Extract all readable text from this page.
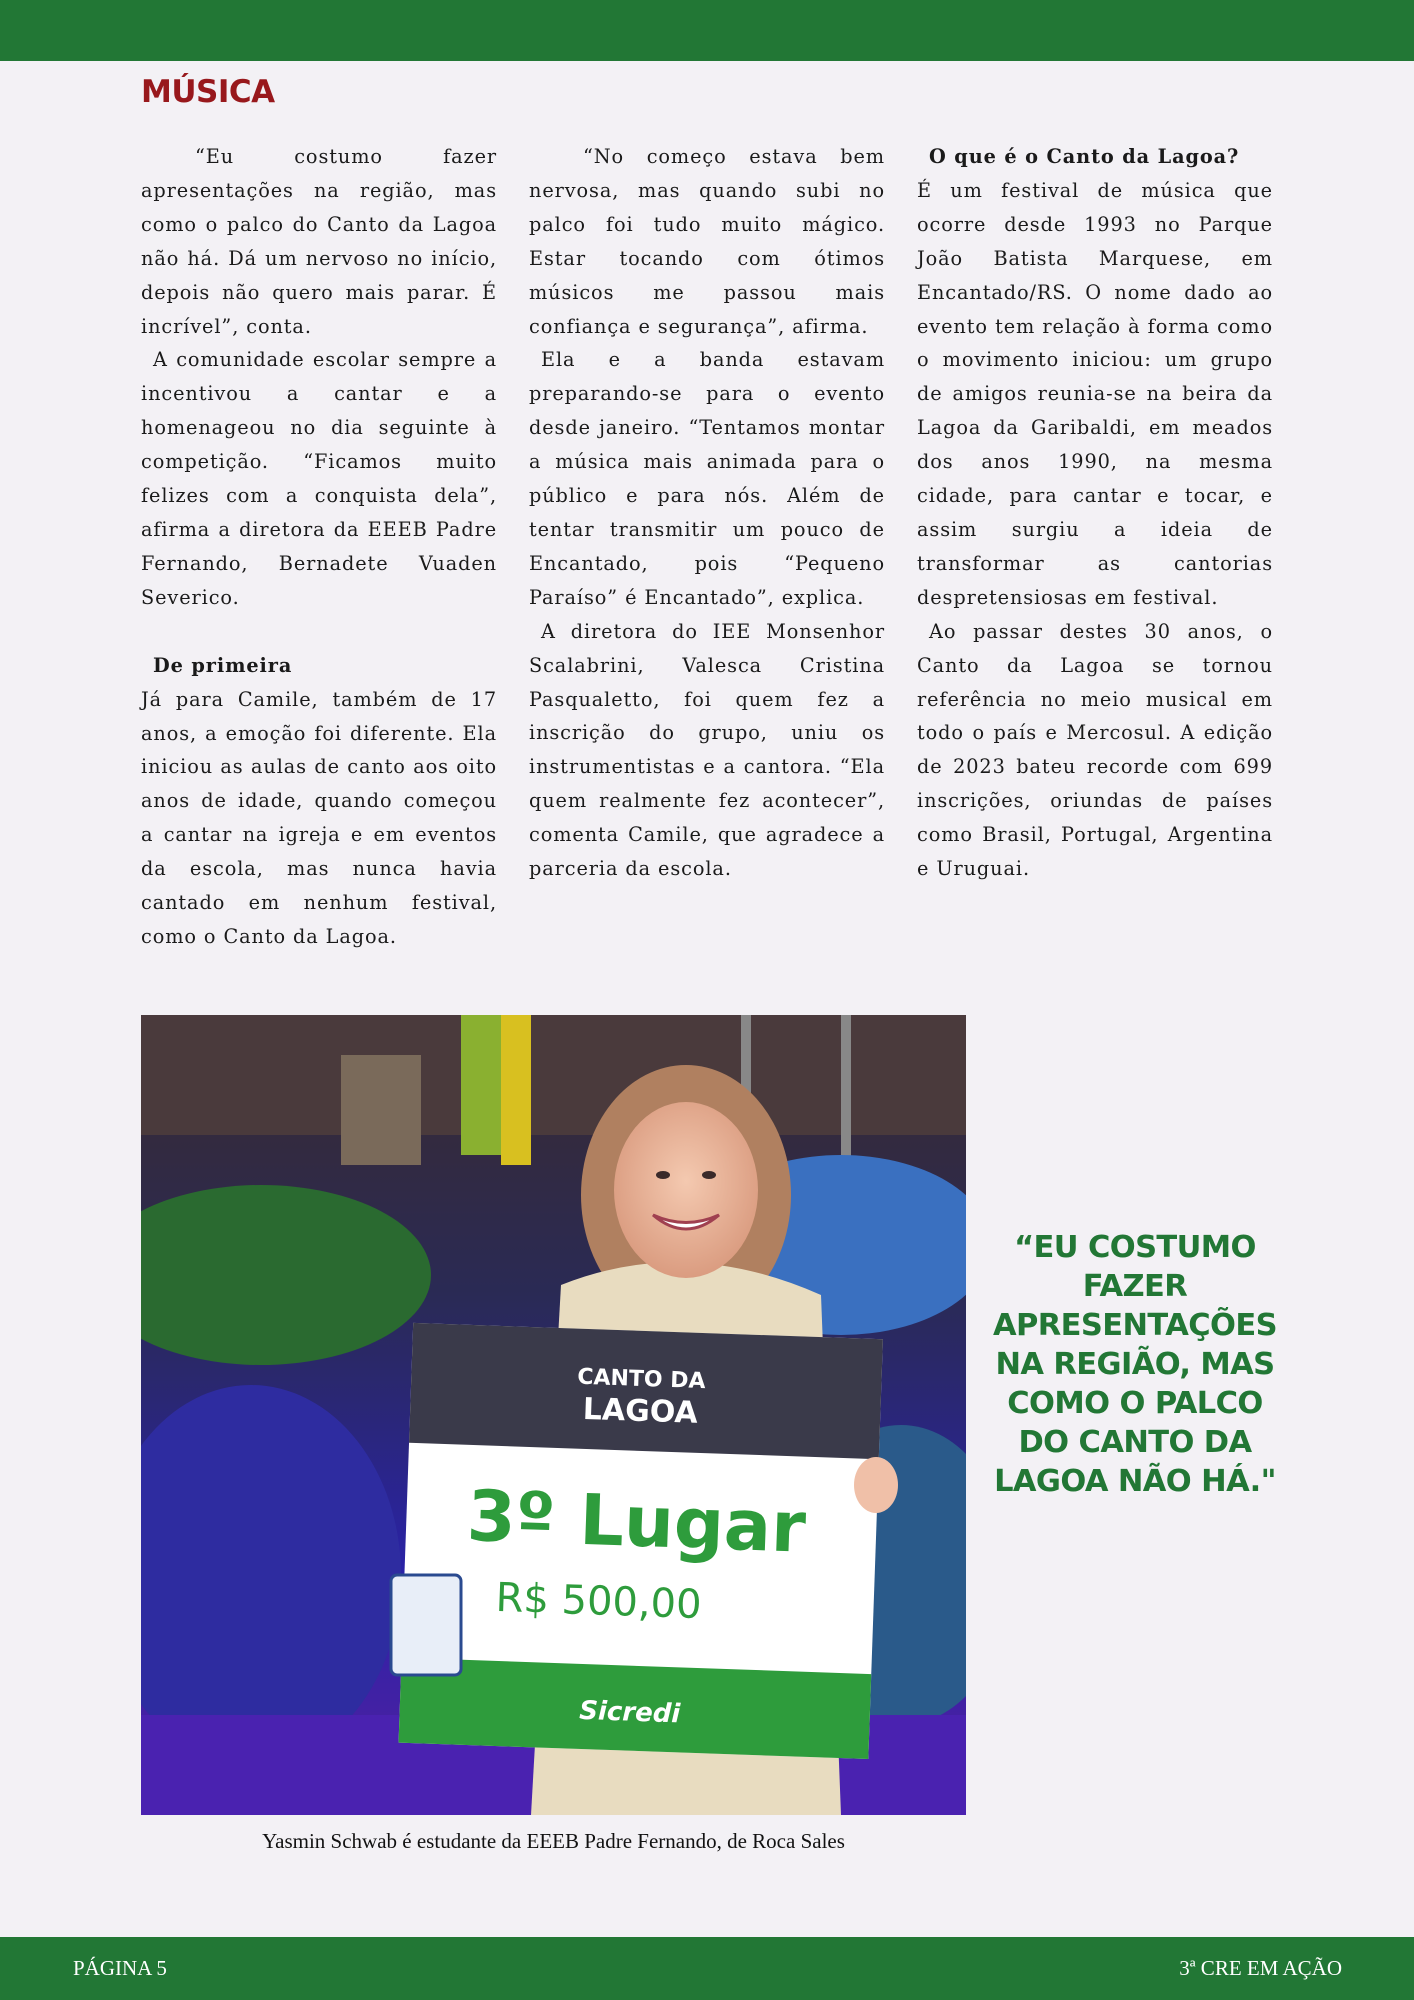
MÚSICA

“Eu costumo fazer apresentações na região, mas como o palco do Canto da Lagoa não há. Dá um nervoso no início, depois não quero mais parar. É incrível”, conta.

A comunidade escolar sempre a incentivou a cantar e a homenageou no dia seguinte à competição. “Ficamos muito felizes com a conquista dela”, afirma a diretora da EEEB Padre Fernando, Bernadete Vuaden Severico.

De primeira

Já para Camile, também de 17 anos, a emoção foi diferente. Ela iniciou as aulas de canto aos oito anos de idade, quando começou a cantar na igreja e em eventos da escola, mas nunca havia cantado em nenhum festival, como o Canto da Lagoa.

“No começo estava bem nervosa, mas quando subi no palco foi tudo muito mágico. Estar tocando com ótimos músicos me passou mais confiança e segurança”, afirma.

Ela e a banda estavam preparando-se para o evento desde janeiro. “Tentamos montar a música mais animada para o público e para nós. Além de tentar transmitir um pouco de Encantado, pois “Pequeno Paraíso” é Encantado”, explica.

A diretora do IEE Monsenhor Scalabrini, Valesca Cristina Pasqualetto, foi quem fez a inscrição do grupo, uniu os instrumentistas e a cantora. “Ela quem realmente fez acontecer”, comenta Camile, que agradece a parceria da escola.

O que é o Canto da Lagoa?

É um festival de música que ocorre desde 1993 no Parque João Batista Marquese, em Encantado/RS. O nome dado ao evento tem relação à forma como o movimento iniciou: um grupo de amigos reunia-se na beira da Lagoa da Garibaldi, em meados dos anos 1990, na mesma cidade, para cantar e tocar, e assim surgiu a ideia de transformar as cantorias despretensiosas em festival.

Ao passar destes 30 anos, o Canto da Lagoa se tornou referência no meio musical em todo o país e Mercosul. A edição de 2023 bateu recorde com 699 inscrições, oriundas de países como Brasil, Portugal, Argentina e Uruguai.

CANTO DA
LAGOA
3º Lugar
R$ 500,00
Sicredi
Yasmin Schwab é estudante da EEEB Padre Fernando, de Roca Sales

“EU COSTUMO FAZER APRESENTAÇÕES NA REGIÃO, MAS COMO O PALCO DO CANTO DA LAGOA NÃO HÁ."

PÁGINA 5	3ª CRE EM AÇÃO
